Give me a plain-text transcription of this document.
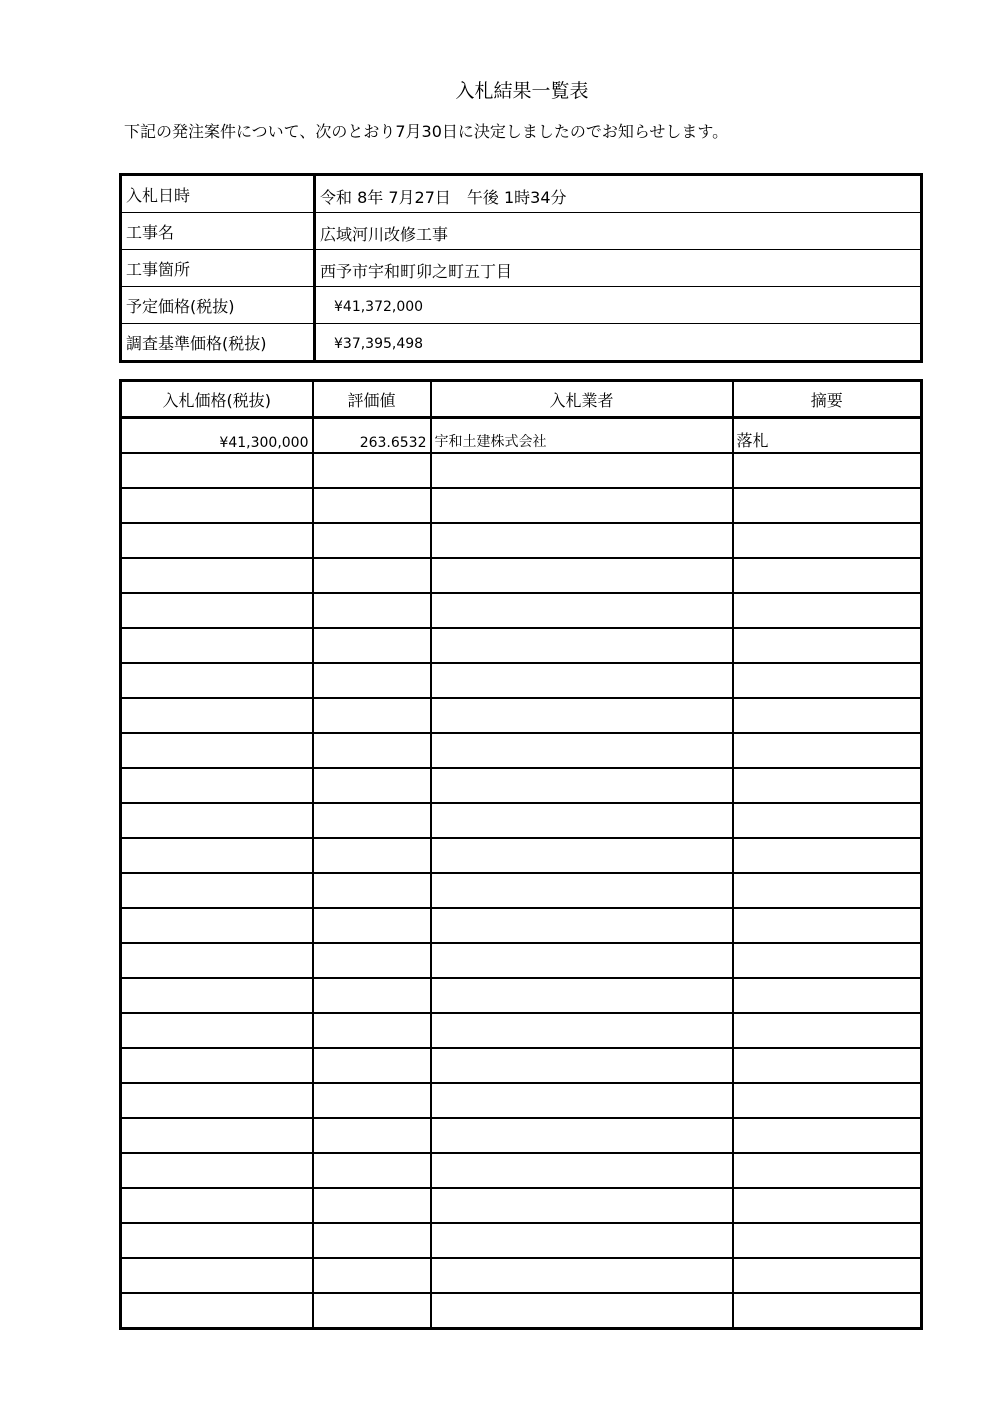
入札結果一覧表
下記の発注案件について、次のとおり7月30日に決定しましたのでお知らせします。
入札日時	令和 8年 7月27日　午後 1時34分
工事名	広域河川改修工事
工事箇所	西予市宇和町卯之町五丁目
予定価格(税抜)	¥41,372,000
調査基準価格(税抜)	¥37,395,498
入札価格(税抜)	評価値	入札業者	摘要
¥41,300,000	263.6532	宇和土建株式会社	落札
